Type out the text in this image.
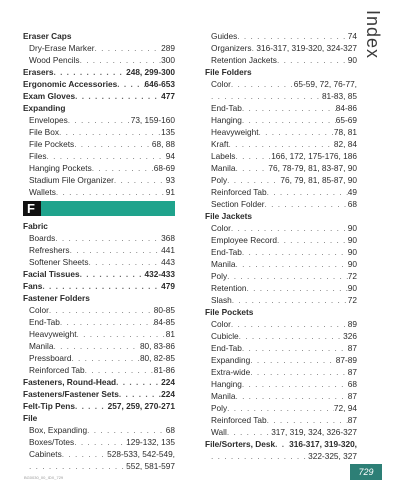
Index
Eraser Caps
Dry-Erase Marker . . .	289
Wood Pencils . . .	300
Erasers . . .	248, 299-300
Ergonomic Accessories . . .	646-653
Exam Gloves . . .	477
Expanding
Envelopes . . .	73, 159-160
File Box . . .	135
File Pockets . . .	68, 88
Files . . .	94
Hanging Pockets . . .	68-69
Stadium File Organizer . . .	93
Wallets . . .	91
F
Fabric
Boards . . .	368
Refreshers . . .	441
Softener Sheets . . .	443
Facial Tissues . . .	432-433
Fans . . .	479
Fastener Folders
Color . . .	80-85
End-Tab . . .	84-85
Heavyweight . . .	81
Manila . . .	80, 83-86
Pressboard . . .	80, 82-85
Reinforced Tab . . .	81-86
Fasteners, Round-Head . . .	224
Fasteners/Fastener Sets . . .	224
Felt-Tip Pens . . .	257, 259, 270-271
File
Box, Expanding . . .	68
Boxes/Totes . . .	129-132, 135
Cabinets . . .	528-533, 542-549,
. . .
552, 581-597
Guides . . .	74
Organizers . . . 316-317, 319-320, 324-327
Retention Jackets . . .	90
File Folders
Color . . .	65-59, 72, 76-77,
. . .
81-83, 85
End-Tab . . .	84-86
Hanging . . .	65-69
Heavyweight . . .	78, 81
Kraft . . .	82, 84
Labels . . .	166, 172, 175-176, 186
Manila . . .	76, 78-79, 81, 83-87, 90
Poly . . .	76, 79, 81, 85-87, 90
Reinforced Tab . . .	49
Section Folder . . .	68
File Jackets
Color . . .	90
Employee Record . . .	90
End-Tab . . .	90
Manila . . .	90
Poly . . .	72
Retention . . .	90
Slash . . .	72
File Pockets
Color . . .	89
Cubicle . . .	326
End-Tab . . .	87
Expanding . . .	87-89
Extra-wide . . .	87
Hanging . . .	68
Manila . . .	87
Poly . . .	72, 94
Reinforced Tab . . .	87
Wall . . .	317, 319, 324, 326-327
File/Sorters, Desk . . . 316-317, 319-320,
. . .
322-325, 327
BG0030_00_IDX_729
729
